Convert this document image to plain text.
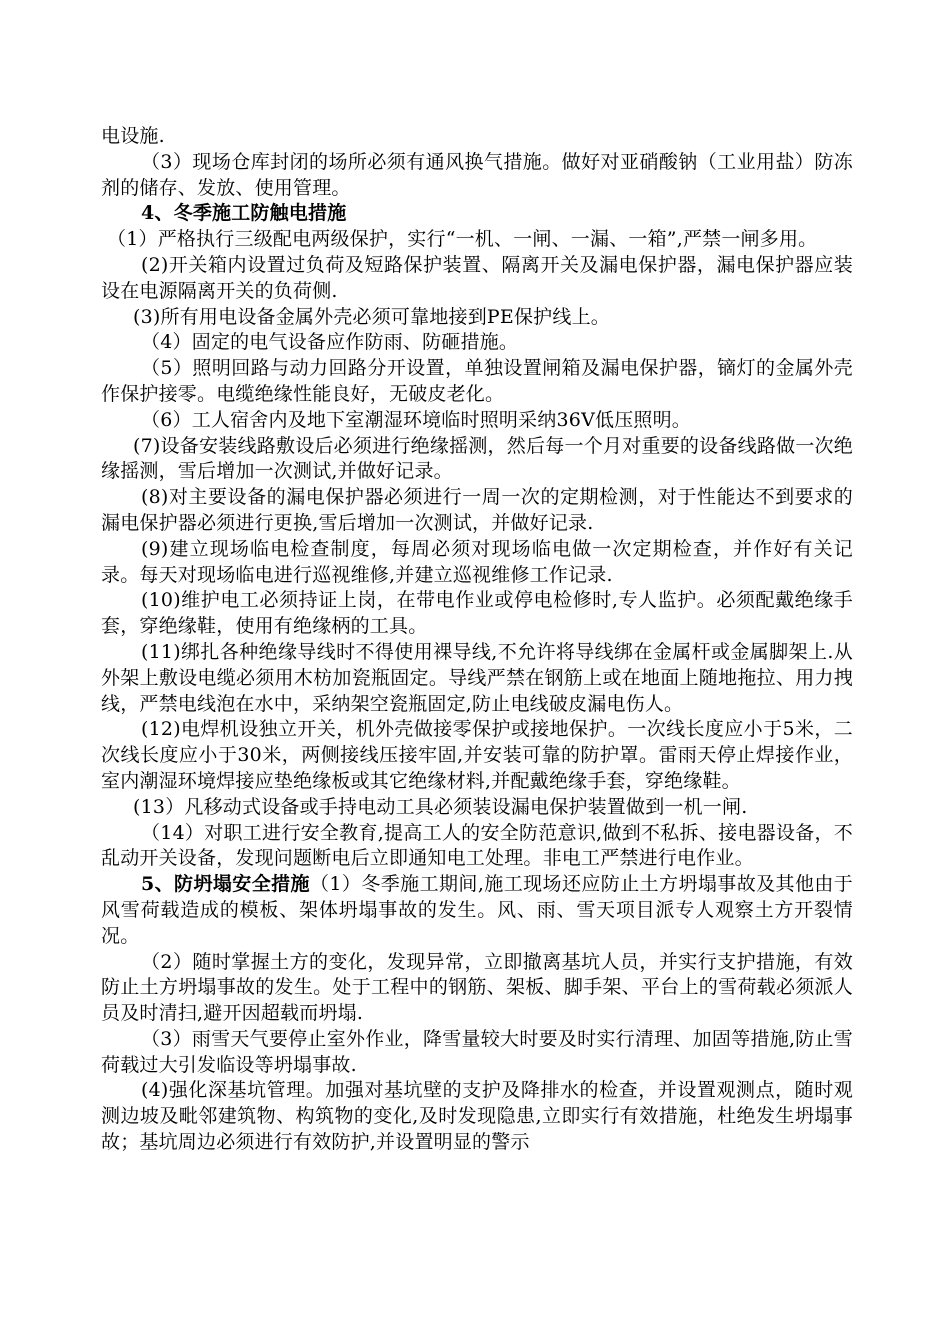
电设施.

（3）现场仓库封闭的场所必须有通风换气措施。做好对亚硝酸钠（工业用盐）防冻剂的储存、发放、使用管理。

4、冬季施工防触电措施

（1）严格执行三级配电两级保护，实行“一机、一闸、一漏、一箱”,严禁一闸多用。

(2)开关箱内设置过负荷及短路保护装置、隔离开关及漏电保护器，漏电保护器应装设在电源隔离开关的负荷侧.

(3)所有用电设备金属外壳必须可靠地接到PE保护线上。

（4）固定的电气设备应作防雨、防砸措施。

（5）照明回路与动力回路分开设置，单独设置闸箱及漏电保护器，镝灯的金属外壳作保护接零。电缆绝缘性能良好，无破皮老化。

（6）工人宿舍内及地下室潮湿环境临时照明采纳36V低压照明。

(7)设备安装线路敷设后必须进行绝缘摇测，然后每一个月对重要的设备线路做一次绝缘摇测，雪后增加一次测试,并做好记录。

(8)对主要设备的漏电保护器必须进行一周一次的定期检测，对于性能达不到要求的漏电保护器必须进行更换,雪后增加一次测试，并做好记录.

(9)建立现场临电检查制度，每周必须对现场临电做一次定期检查，并作好有关记录。每天对现场临电进行巡视维修,并建立巡视维修工作记录.

(10)维护电工必须持证上岗，在带电作业或停电检修时,专人监护。必须配戴绝缘手套，穿绝缘鞋，使用有绝缘柄的工具。

(11)绑扎各种绝缘导线时不得使用裸导线,不允许将导线绑在金属杆或金属脚架上.从外架上敷设电缆必须用木枋加瓷瓶固定。导线严禁在钢筋上或在地面上随地拖拉、用力拽线，严禁电线泡在水中，采纳架空瓷瓶固定,防止电线破皮漏电伤人。

(12)电焊机设独立开关，机外壳做接零保护或接地保护。一次线长度应小于5米，二次线长度应小于30米，两侧接线压接牢固,并安装可靠的防护罩。雷雨天停止焊接作业，室内潮湿环境焊接应垫绝缘板或其它绝缘材料,并配戴绝缘手套，穿绝缘鞋。

(13）凡移动式设备或手持电动工具必须装设漏电保护装置做到一机一闸.

（14）对职工进行安全教育,提高工人的安全防范意识,做到不私拆、接电器设备，不乱动开关设备，发现问题断电后立即通知电工处理。非电工严禁进行电作业。

5、防坍塌安全措施（1）冬季施工期间,施工现场还应防止土方坍塌事故及其他由于风雪荷载造成的模板、架体坍塌事故的发生。风、雨、雪天项目派专人观察土方开裂情况。

（2）随时掌握土方的变化，发现异常，立即撤离基坑人员，并实行支护措施，有效防止土方坍塌事故的发生。处于工程中的钢筋、架板、脚手架、平台上的雪荷载必须派人员及时清扫,避开因超载而坍塌.

（3）雨雪天气要停止室外作业，降雪量较大时要及时实行清理、加固等措施,防止雪荷载过大引发临设等坍塌事故.

(4)强化深基坑管理。加强对基坑壁的支护及降排水的检查，并设置观测点，随时观测边坡及毗邻建筑物、构筑物的变化,及时发现隐患,立即实行有效措施，杜绝发生坍塌事故；基坑周边必须进行有效防护,并设置明显的警示
